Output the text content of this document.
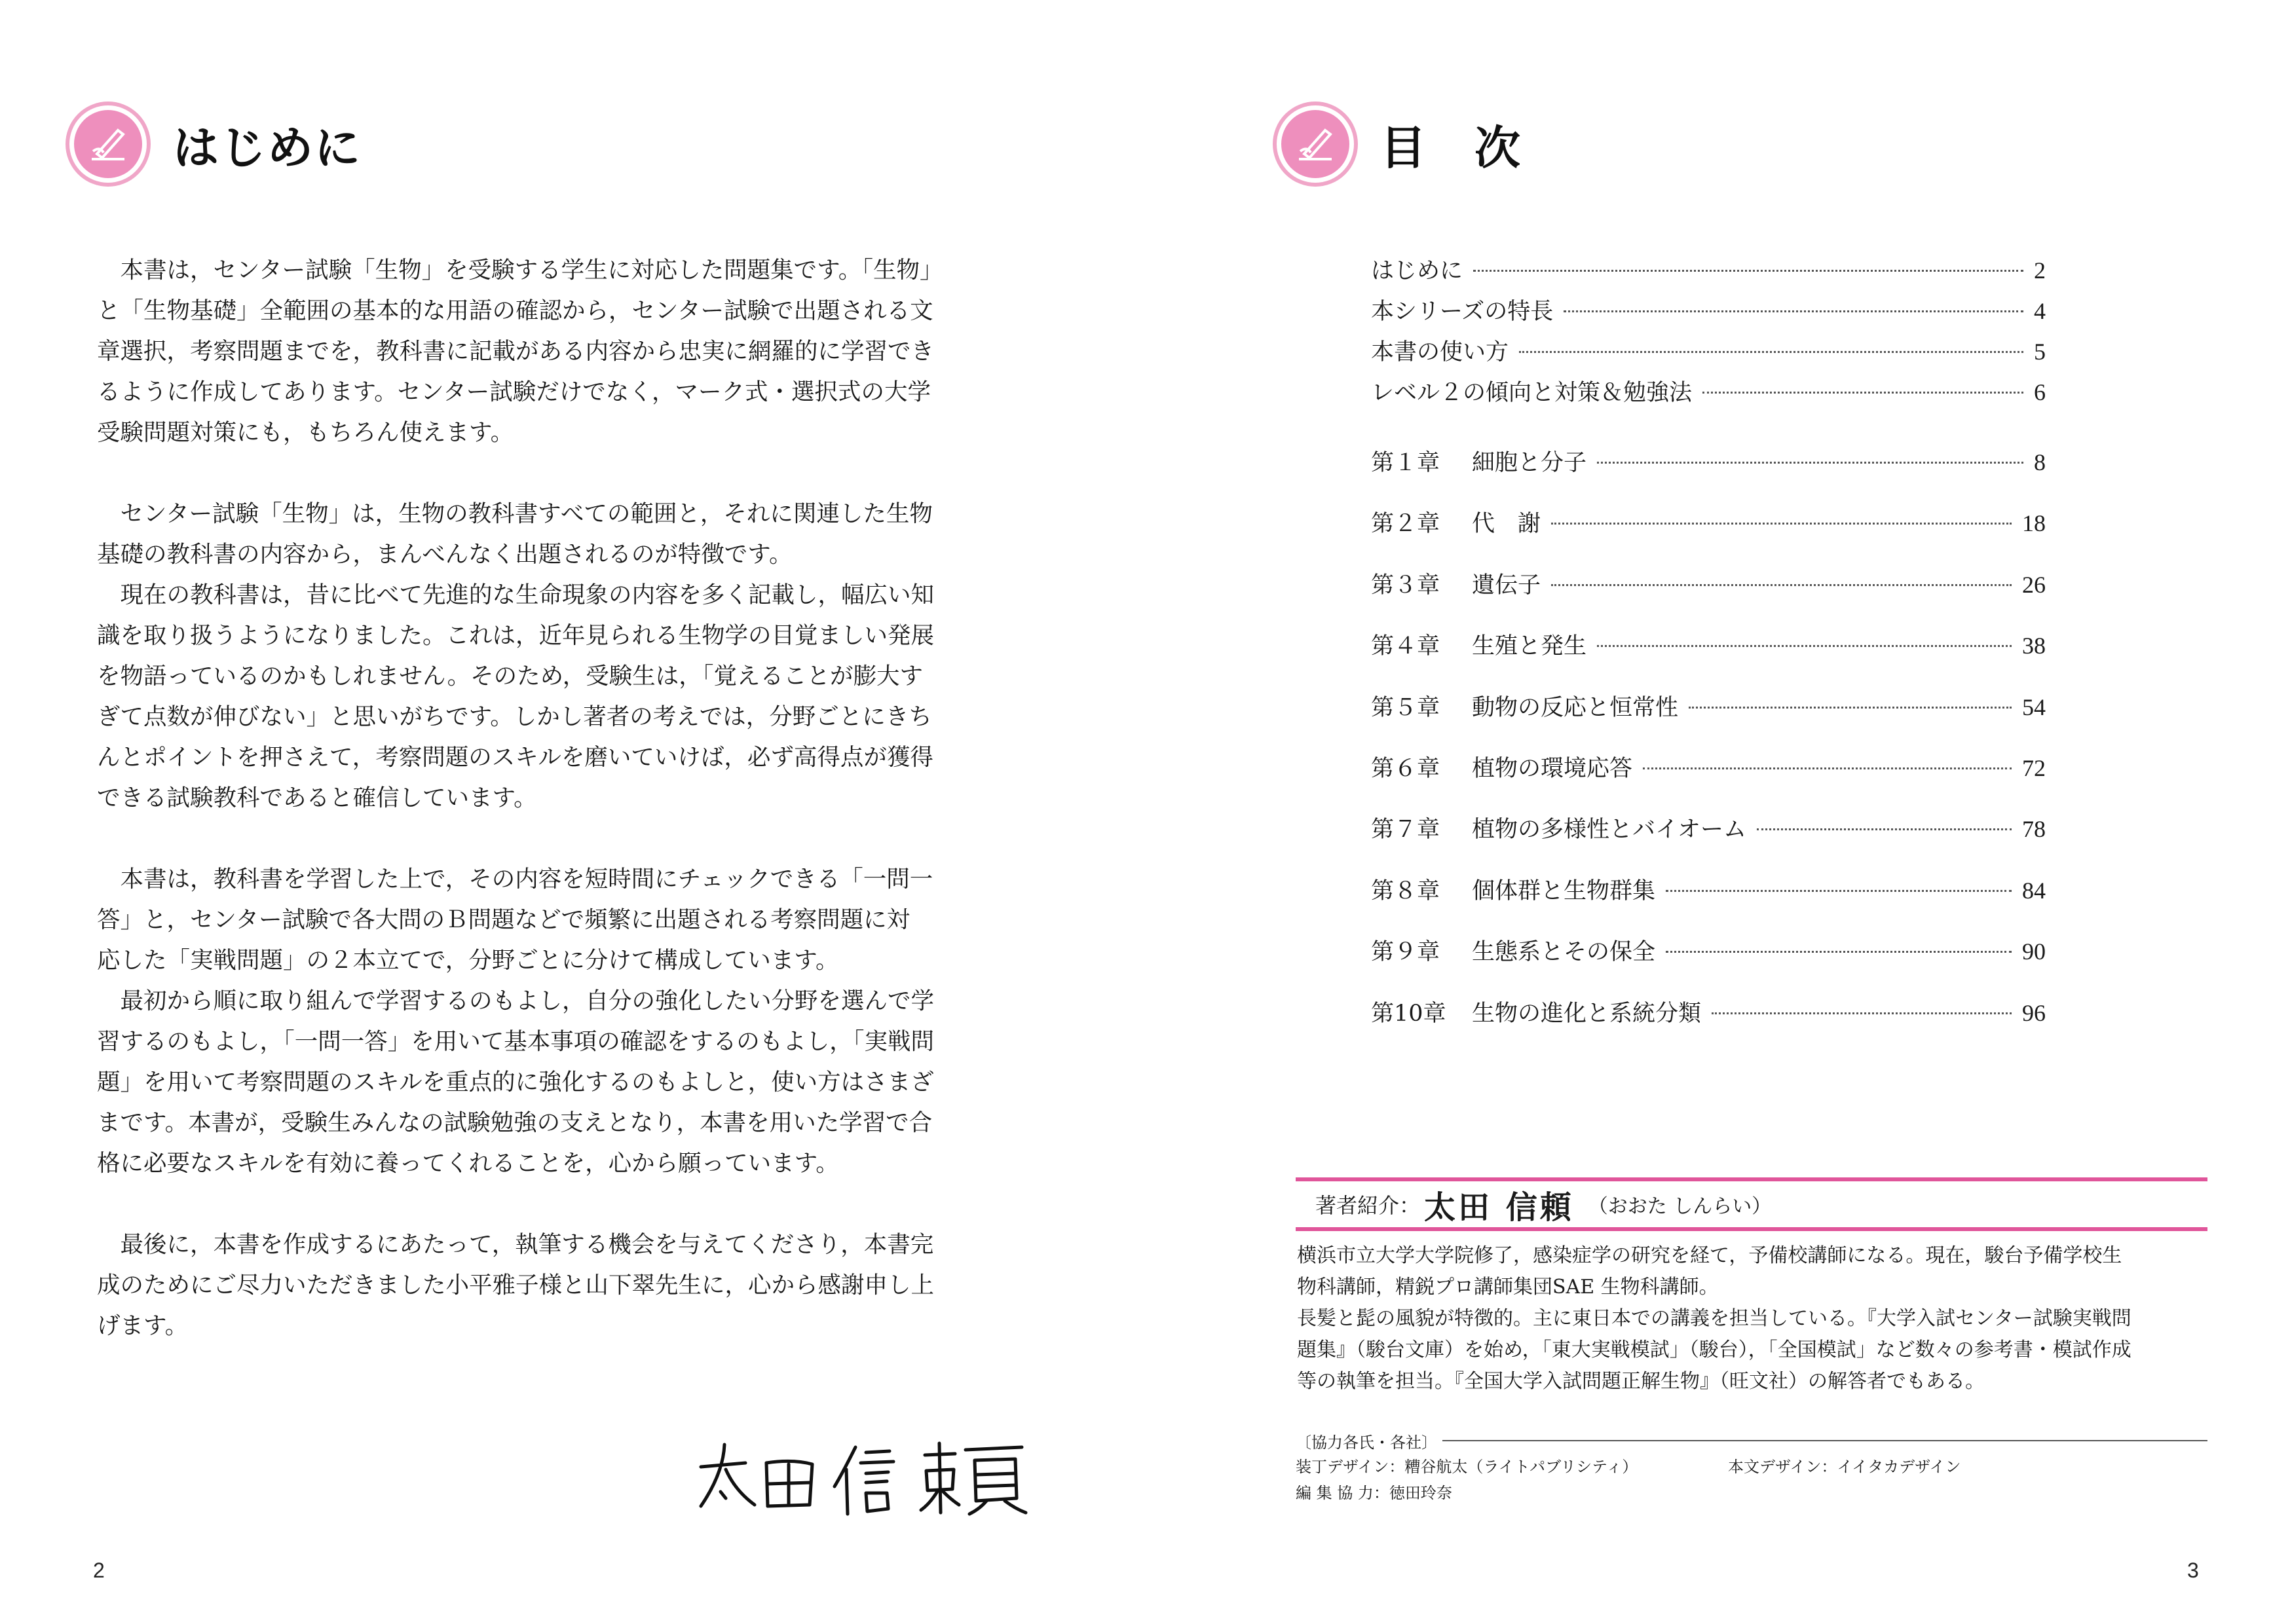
はじめに

本書は，センター試験「生物」を受験する学生に対応した問題集です。「生物」
と「生物基礎」全範囲の基本的な用語の確認から，センター試験で出題される文
章選択，考察問題までを，教科書に記載がある内容から忠実に網羅的に学習でき
るように作成してあります。センター試験だけでなく，マーク式・選択式の大学
受験問題対策にも，もちろん使えます。

センター試験「生物」は，生物の教科書すべての範囲と，それに関連した生物
基礎の教科書の内容から，まんべんなく出題されるのが特徴です。

現在の教科書は，昔に比べて先進的な生命現象の内容を多く記載し，幅広い知
識を取り扱うようになりました。これは，近年見られる生物学の目覚ましい発展
を物語っているのかもしれません。そのため，受験生は，「覚えることが膨大す
ぎて点数が伸びない」と思いがちです。しかし著者の考えでは，分野ごとにきち
んとポイントを押さえて，考察問題のスキルを磨いていけば，必ず高得点が獲得
できる試験教科であると確信しています。

本書は，教科書を学習した上で，その内容を短時間にチェックできる「一問一
答」と，センター試験で各大問のＢ問題などで頻繁に出題される考察問題に対
応した「実戦問題」の２本立てで，分野ごとに分けて構成しています。

最初から順に取り組んで学習するのもよし，自分の強化したい分野を選んで学
習するのもよし，「一問一答」を用いて基本事項の確認をするのもよし，「実戦問
題」を用いて考察問題のスキルを重点的に強化するのもよしと，使い方はさまざ
まです。本書が，受験生みんなの試験勉強の支えとなり，本書を用いた学習で合
格に必要なスキルを有効に養ってくれることを，心から願っています。

最後に，本書を作成するにあたって，執筆する機会を与えてくださり，本書完
成のためにご尽力いただきました小平雅子様と山下翠先生に，心から感謝申し上
げます。

2
目　次
はじめに	2
本シリーズの特長	4
本書の使い方	5
レベル２の傾向と対策＆勉強法	6
第１章 細胞と分子	8
第２章 代　謝	18
第３章 遺伝子	26
第４章 生殖と発生	38
第５章 動物の反応と恒常性	54
第６章 植物の環境応答	72
第７章 植物の多様性とバイオーム	78
第８章 個体群と生物群集	84
第９章 生態系とその保全	90
第10章 生物の進化と系統分類	96
著者紹介： 太田 信頼 （おおた しんらい）

横浜市立大学大学院修了，感染症学の研究を経て，予備校講師になる。現在，駿台予備学校生
物科講師，精鋭プロ講師集団SAE 生物科講師。

長髪と髭の風貌が特徴的。主に東日本での講義を担当している。『大学入試センター試験実戦問
題集』（駿台文庫）を始め，「東大実戦模試」（駿台），「全国模試」など数々の参考書・模試作成
等の執筆を担当。『全国大学入試問題正解生物』（旺文社）の解答者でもある。

〔協力各氏・各社〕
装丁デザイン：糟谷航太（ライトパブリシティ）	本文デザイン：イイタカデザイン
編 集 協 力：徳田玲奈
3
